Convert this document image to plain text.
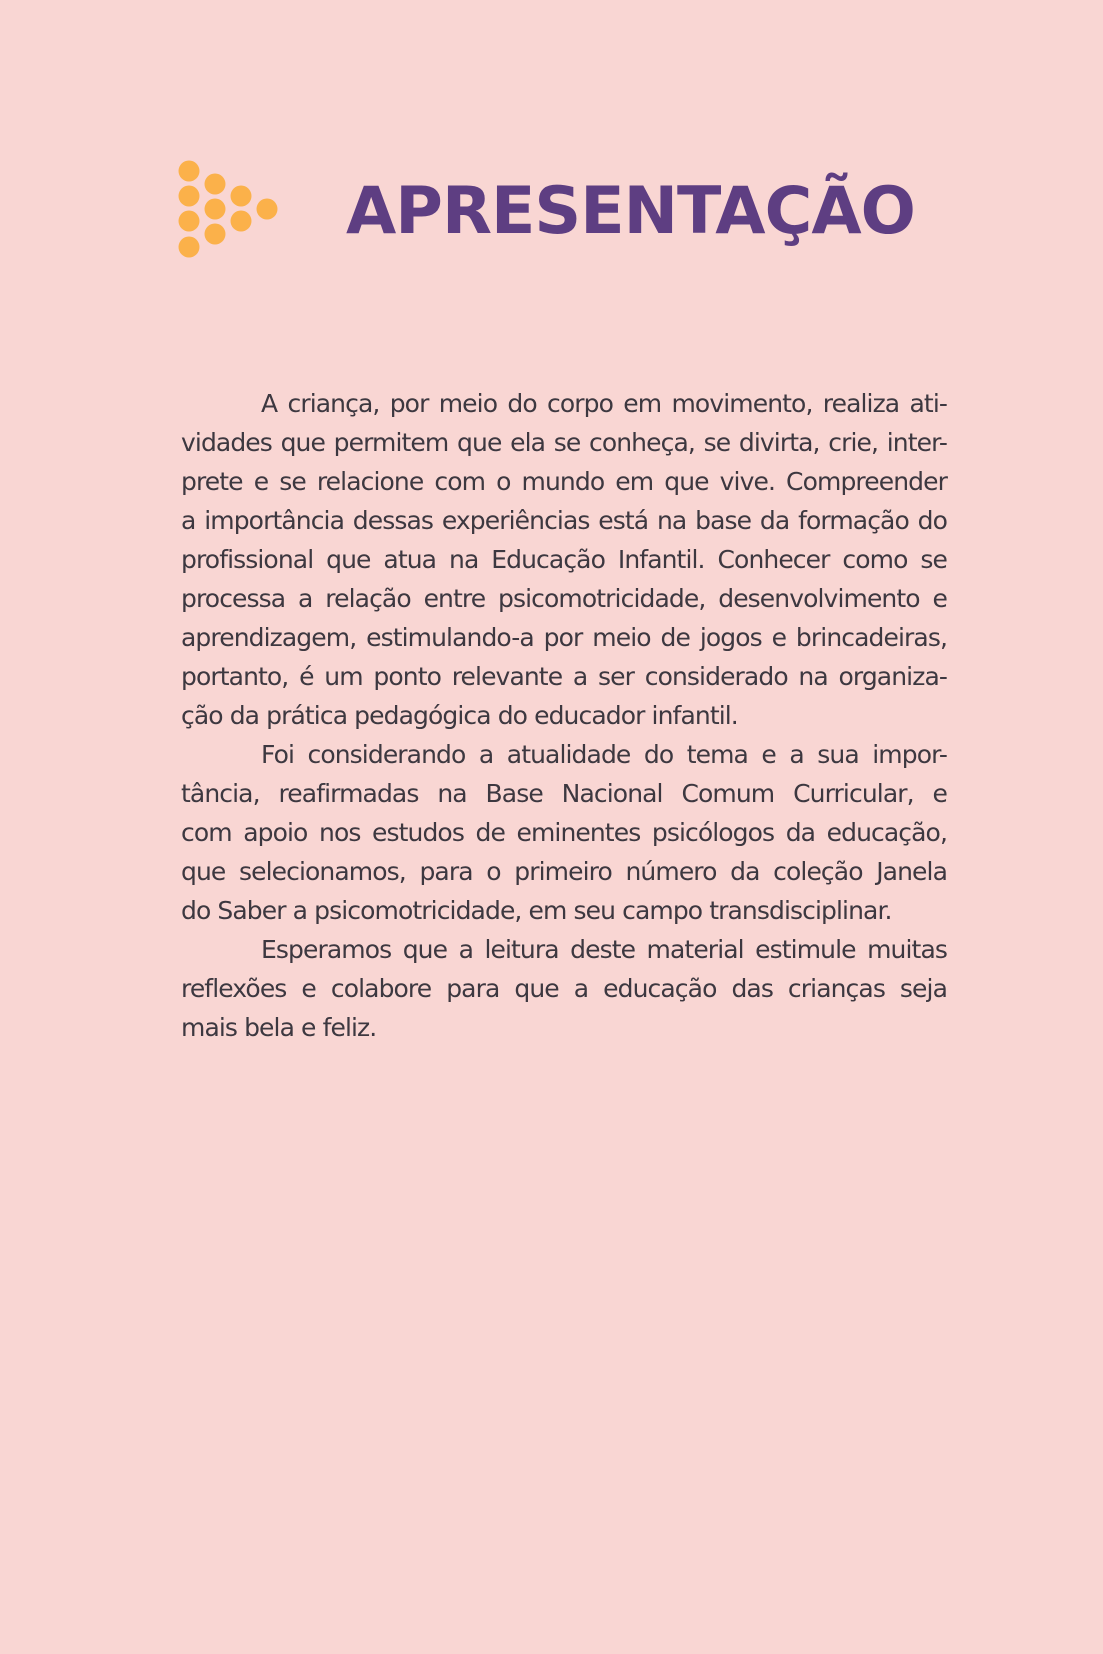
APRESENTAÇÃO
A criança, por meio do corpo em movimento, realiza ati-
vidades que permitem que ela se conheça, se divirta, crie, inter-
prete e se relacione com o mundo em que vive. Compreender
a importância dessas experiências está na base da formação do
profissional que atua na Educação Infantil. Conhecer como se
processa a relação entre psicomotricidade, desenvolvimento e
aprendizagem, estimulando-a por meio de jogos e brincadeiras,
portanto, é um ponto relevante a ser considerado na organiza-
ção da prática pedagógica do educador infantil.
Foi considerando a atualidade do tema e a sua impor-
tância, reafirmadas na Base Nacional Comum Curricular, e
com apoio nos estudos de eminentes psicólogos da educação,
que selecionamos, para o primeiro número da coleção Janela
do Saber a psicomotricidade, em seu campo transdisciplinar.
Esperamos que a leitura deste material estimule muitas
reflexões e colabore para que a educação das crianças seja
mais bela e feliz.
